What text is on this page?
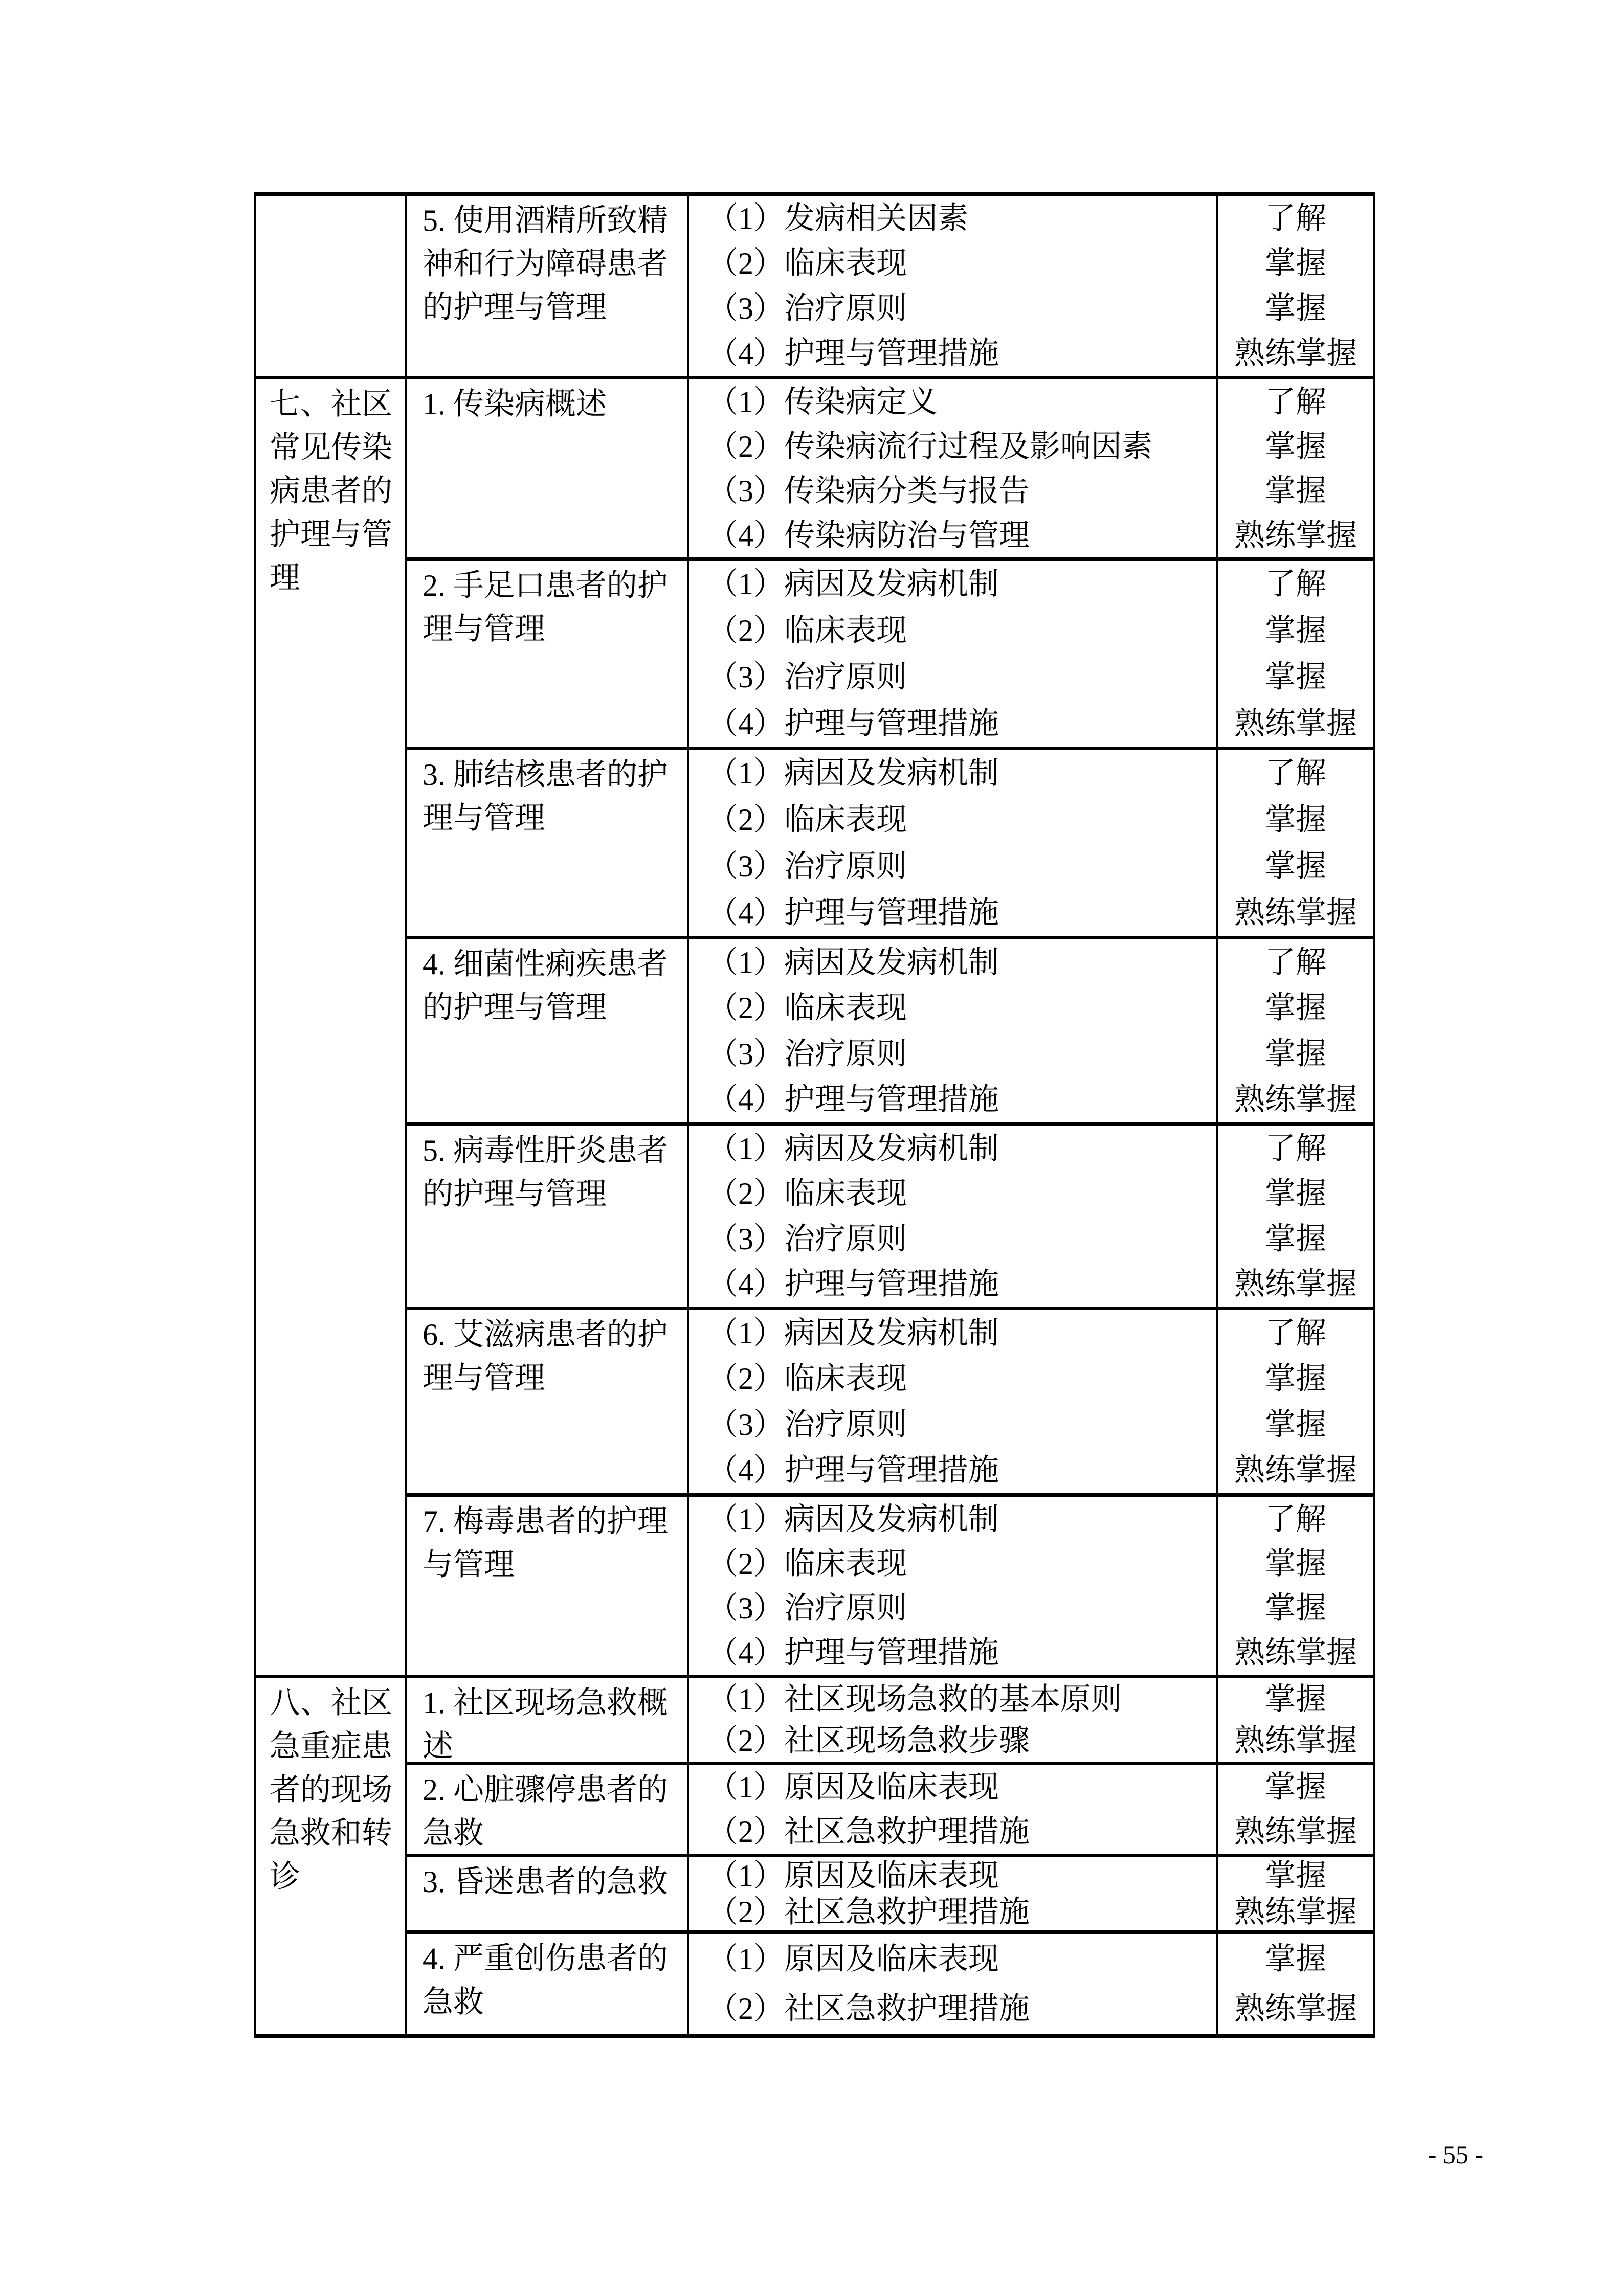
5. 使用酒精所致精神和行为障碍患者的护理与管理
（1）发病相关因素
（2）临床表现
（3）治疗原则
（4）护理与管理措施
了解
掌握
掌握
熟练掌握
七、社区常见传染病患者的护理与管理
1. 传染病概述	（1）传染病定义
（2）传染病流行过程及影响因素
（3）传染病分类与报告
（4）传染病防治与管理
了解
掌握
掌握
熟练掌握
2. 手足口患者的护理与管理
（1）病因及发病机制
（2）临床表现
（3）治疗原则
（4）护理与管理措施
了解
掌握
掌握
熟练掌握
3. 肺结核患者的护理与管理
（1）病因及发病机制
（2）临床表现
（3）治疗原则
（4）护理与管理措施
了解
掌握
掌握
熟练掌握
4. 细菌性痢疾患者的护理与管理
（1）病因及发病机制
（2）临床表现
（3）治疗原则
（4）护理与管理措施
了解
掌握
掌握
熟练掌握
5. 病毒性肝炎患者的护理与管理
（1）病因及发病机制
（2）临床表现
（3）治疗原则
（4）护理与管理措施
了解
掌握
掌握
熟练掌握
6. 艾滋病患者的护理与管理
（1）病因及发病机制
（2）临床表现
（3）治疗原则
（4）护理与管理措施
了解
掌握
掌握
熟练掌握
7. 梅毒患者的护理与管理
（1）病因及发病机制
（2）临床表现
（3）治疗原则
（4）护理与管理措施
了解
掌握
掌握
熟练掌握
八、社区急重症患者的现场急救和转诊
1. 社区现场急救概述
（1）社区现场急救的基本原则
（2）社区现场急救步骤
掌握
熟练掌握
2. 心脏骤停患者的急救
（1）原因及临床表现
（2）社区急救护理措施
掌握
熟练掌握
3. 昏迷患者的急救	（1）原因及临床表现
（2）社区急救护理措施
掌握
熟练掌握
4. 严重创伤患者的急救
（1）原因及临床表现
（2）社区急救护理措施
掌握
熟练掌握
- 55 -
